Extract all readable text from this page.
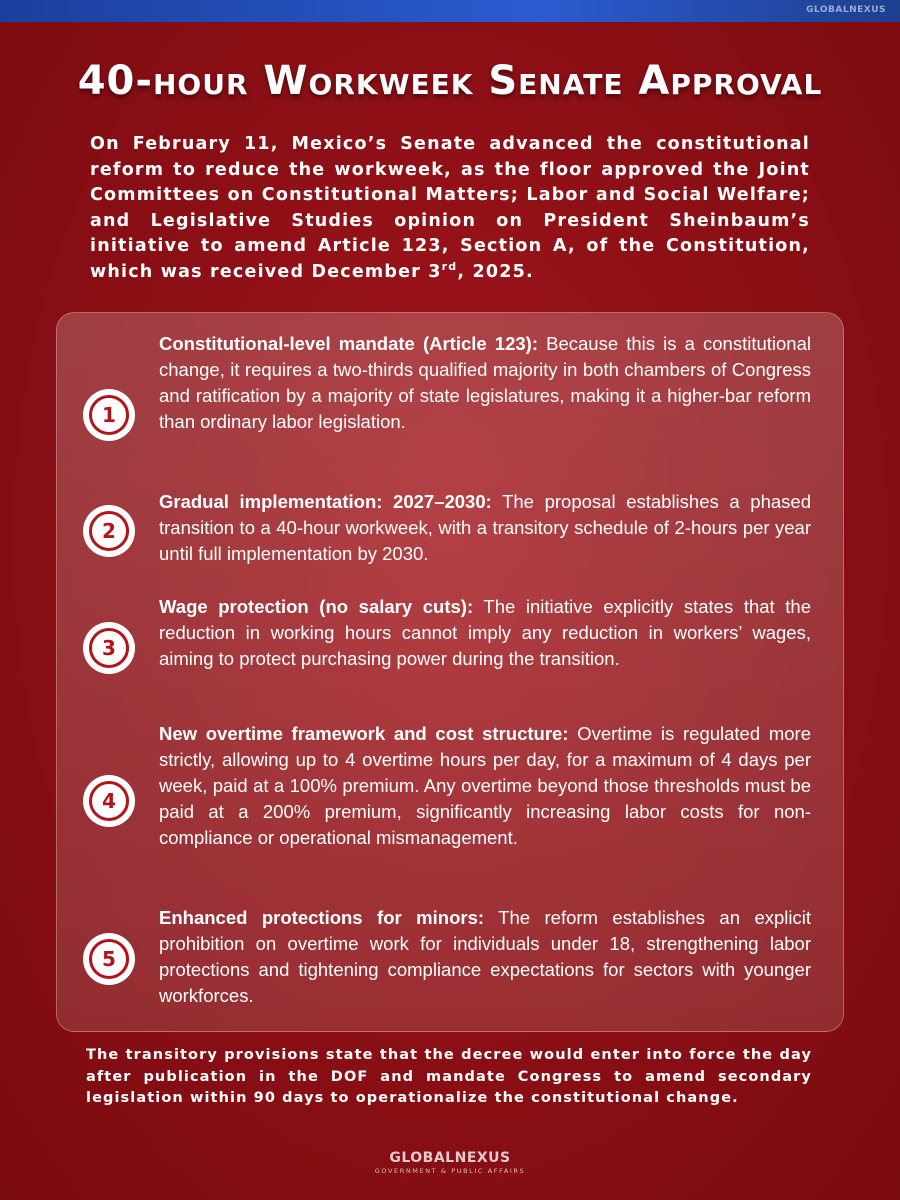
GLOBALNEXUS
40-hour Workweek Senate Approval

On February 11, Mexico’s Senate advanced the constitutional reform to reduce the workweek, as the floor approved the Joint Committees on Constitutional Matters; Labor and Social Welfare; and Legislative Studies opinion on President Sheinbaum’s initiative to amend Article 123, Section A, of the Constitution, which was received December 3rd, 2025.

1

Constitutional-level mandate (Article 123): Because this is a constitutional change, it requires a two-thirds qualified majority in both chambers of Congress and ratification by a majority of state legislatures, making it a higher-bar reform than ordinary labor legislation.

2

Gradual implementation: 2027–2030: The proposal establishes a phased transition to a 40-hour workweek, with a transitory schedule of 2-hours per year until full implementation by 2030.

3

Wage protection (no salary cuts): The initiative explicitly states that the reduction in working hours cannot imply any reduction in workers’ wages, aiming to protect purchasing power during the transition.

4

New overtime framework and cost structure: Overtime is regulated more strictly, allowing up to 4 overtime hours per day, for a maximum of 4 days per week, paid at a 100% premium. Any overtime beyond those thresholds must be paid at a 200% premium, significantly increasing labor costs for non-compliance or operational mismanagement.

5

Enhanced protections for minors: The reform establishes an explicit prohibition on overtime work for individuals under 18, strengthening labor protections and tightening compliance expectations for sectors with younger workforces.

The transitory provisions state that the decree would enter into force the day after publication in the DOF and mandate Congress to amend secondary legislation within 90 days to operationalize the constitutional change.

GLOBALNEXUS
GOVERNMENT & PUBLIC AFFAIRS
